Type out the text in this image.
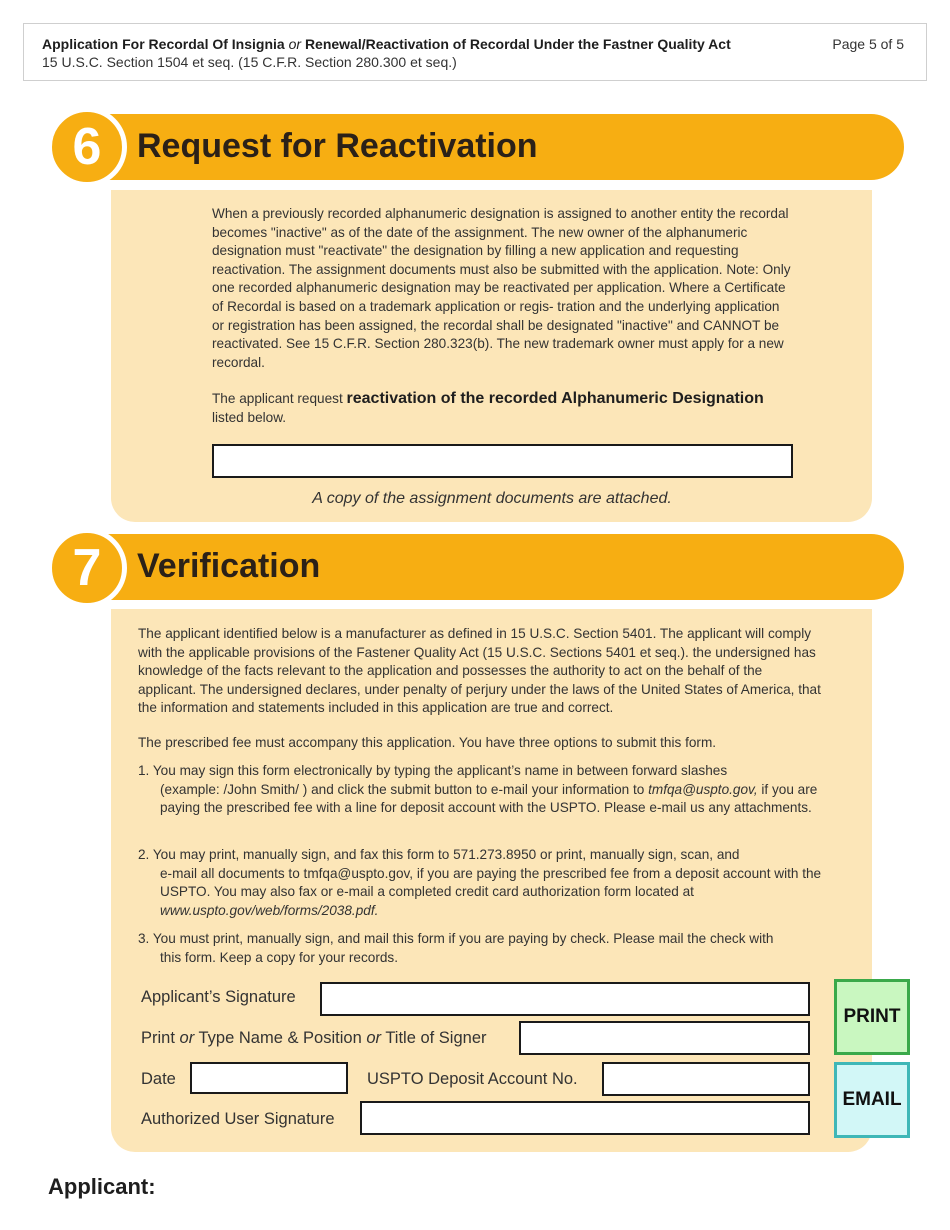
Application For Recordal Of Insignia or Renewal/Reactivation of Recordal Under the Fastner Quality Act
15 U.S.C. Section 1504 et seq. (15 C.F.R. Section 280.300 et seq.)
Page 5 of 5
6	Request for Reactivation
When a previously recorded alphanumeric designation is assigned to another entity the recordal becomes "inactive" as of the date of the assignment. The new owner of the alphanumeric designation must "reactivate" the designation by filling a new application and requesting reactivation. The assignment documents must also be submitted with the application. Note: Only one recorded alphanumeric designation may be reactivated per application. Where a Certificate of Recordal is based on a trademark application or regis- tration and the underlying application or registration has been assigned, the recordal shall be designated "inactive" and CANNOT be reactivated. See 15 C.F.R. Section 280.323(b). The new trademark owner must apply for a new recordal.
The applicant request reactivation of the recorded Alphanumeric Designation
listed below.
A copy of the assignment documents are attached.
7	Verification
The applicant identified below is a manufacturer as defined in 15 U.S.C. Section 5401. The applicant will comply with the applicable provisions of the Fastener Quality Act (15 U.S.C. Sections 5401 et seq.). the undersigned has knowledge of the facts relevant to the application and possesses the authority to act on the behalf of the applicant. The undersigned declares, under penalty of perjury under the laws of the United States of America, that the information and statements included in this application are true and correct.
The prescribed fee must accompany this application. You have three options to submit this form.
1. You may sign this form electronically by typing the applicant’s name in between forward slashes
(example: /John Smith/ ) and click the submit button to e-mail your information to tmfqa@uspto.gov, if you are paying the prescribed fee with a line for deposit account with the USPTO. Please e-mail us any attachments.
2. You may print, manually sign, and fax this form to 571.273.8950 or print, manually sign, scan, and
e-mail all documents to tmfqa@uspto.gov, if you are paying the prescribed fee from a deposit account with the USPTO. You may also fax or e-mail a completed credit card authorization form located at www.uspto.gov/web/forms/2038.pdf.
3. You must print, manually sign, and mail this form if you are paying by check. Please mail the check with
this form. Keep a copy for your records.
Applicant’s Signature
Print or Type Name & Position or Title of Signer
Date	USPTO Deposit Account No.
Authorized User Signature
PRINT
EMAIL
Applicant:
